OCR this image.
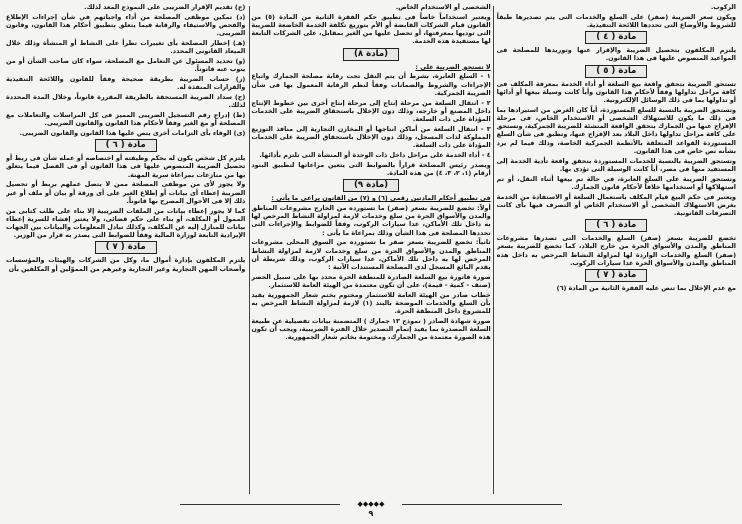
الركوب.

ويكون سعر الضريبة (صفر) على السلع والخدمات التى يتم تصديرها طبقاً للشروط والأوضاع التى تحددها اللائحة التنفيذية.

مادة ( ٤ )

يلتزم المكلفون بتحصيل الضريبة والإقرار عنها وتوريدها للمصلحة فى المواعيد المنصوص عليها فى هذا القانون.

مادة ( ٥ )

تستحق الضريبة بتحقق واقعة بيع السلعة أو أداء الخدمة بمعرفة المكلف فى كافة مراحل تداولها وفقاً لأحكام هذا القانون وأياً كانت وسيلة بيعها أو أدائها أو تداولها بما فى ذلك الوسائل الإلكترونية.

وتستحق الضريبة بالنسبة للسلع المستوردة، أياً كان الغرض من استيرادها بما فى ذلك ما يكون للاستهلاك الشخصى أو الاستخدام الخاص، فى مرحلة الإفراج عنها من الجمارك بتحقق الواقعة المنشئة للضريبة الجمركية، وتستحق على كافة مراحل تداولها داخل البلاد بعد الإفراج عنها، وتطبق فى شأن السلع المستوردة القواعد المتعلقة بالأنظمة الجمركية الخاصة، وذلك فيما لم يرد بشأنه نص خاص فى هذا القانون.

وتستحق الضريبة بالنسبة للخدمات المستوردة بتحقق واقعة تأدية الخدمة إلى المستفيد منها فى مصر، أياً كانت الوسيلة التى تؤدى بها.

وتستحق الضريبة على السلع العابرة، في حالة تم بيعها أثناء النقل، أو تم استهلاكها أو استخدامها خلافاً لأحكام قانون الجمارك.

ويعتبر فى حكم البيع قيام المكلف باستعمال السلعة أو الاستفادة من الخدمة بغرض الاستهلاك الشخصى أو الاستخدام الخاص أو التصرف فيها بأى كانت التصرفات القانونية.

مادة ( ٦ )

تخضع للضريبة بسعر (صفر) السلع والخدمات التى تصدرها مشروعات المناطق والمدن والأسواق الحرة من خارج البلاد، كما تخضع للضريبة بسعر (صفر) السلع والخدمات الواردة لها لمزاولة النشاط المرخص به داخل هذه المناطق والمدن والأسواق الحرة عدا سيارات الركوب.

مادة ( ٧ )

مع عدم الإخلال بما تنص عليه الفقرة الثانية من المادة (٦)

الشخصى أو الاستخدام الخاص.

ويعتبر استخداماً خاصاً فى تطبيق حكم الفقرة الثانية من المادة (٥) من القانون قيام الشركات القابضة أو الأم بتوزيع تكلفة الخدمة الخاضعة للضريبة التى توديها بمعرفتها، أو تحصل عليها من الغير بمقابل، على الشركات التابعة لها مستفيدة هذه الخدمة.

(مادة ٨)

لا تستحق الضريبة على :

١ - السلع العابرة، بشرط أن يتم النقل تحت رقابة مصلحة الجمارك واتباع الإجراءات والشروط والضمانات وفقاً لنظم الرقابة المعمول بها فى شأن الضريبة الجمركية.

٢ - انتقال السلعة من مرحلة إنتاج إلى مرحلة إنتاج أخرى بين خطوط الإنتاج داخل المصنع أو خارجه، وذلك دون الإخلال باستحقاق الضريبة على الخدمات المؤداة على ذات السلعة.

٣ - انتقال السلعة من أماكن انتاجها أو المخازن التجارية إلى منافذ التوزيع المملوكة لذات المسجل، وذلك دون الإخلال باستحقاق الضريبة على الخدمات المؤداة على ذات السلعة.

٤ - أداء الخدمة على مراحل داخل ذات الوحدة أو المنشأة التى تلتزم بأدائها.

ويصدر رئيس المصلحة قراراً بالضوابط التى يتعين مراعاتها لتطبيق البنود أرقام (١، ٢، ٣، ٤) من هذه المادة.

(مادة ٩)

فى تطبيق أحكام المادتين رقمى (٦) و (٧) من القانون يراعى ما يأتى :

أولاً: تخضع للضريبة بسعر (صفر) ما تستورده من الخارج مشروعات المناطق والمدن والأسواق الحرة من سلع وخدمات لازمة لمزاولة النشاط المرخص لها به داخل تلك الأماكن، عدا سيارات الركوب، وفقاً للضوابط والإجراءات التى تحددها المصلحة فى هذا الشأن وذلك بمراعاة ما يأتى :

ثانياً: تخضع للضريبة بسعر صفر ما تستورده من السوق المحلى مشروعات المناطق والمدن والأسواق الحرة من سلع وخدمات لازمة لمزاولة النشاط المرخص لها به داخل تلك الأماكن، عدا سيارات الركوب، وذلك شريطة أن يقدم البائع المسجل لدى المصلحة المستندات الآتية :

صورة فاتورة بيع السلعة الصادرة للمنطقة الحرة محدد بها على سبيل الحصر (صنف - كمية - قيمة)، على أن تكون معتمدة من الهيئة العامة للاستثمار.

خطاب صادر من الهيئة العامة للاستثمار ومختوم بختم شعار الجمهورية يفيد بأن السلع والخدمات الموضحة بالبند (١) لازمة لمزاولة النشاط المرخص به للمشروع داخل المنطقة الحرة.

صورة شهادة الصادر ( نموذج ١٣ جمارك ) المتضمنة بيانات تفصيلية عن طبيعة السلعة المصدرة بما يفيد إتمام التصدير خلال الفترة الضريبية، ويجب أن تكون هذه الصورة معتمدة من الجمارك، ومختومة بخاتم شعار الجمهورية.

(ج) تقديم الإقرار الضريبى على النموذج المعد لذلك.

(د) تمكين موظفى المصلحة من أداء واجباتهم في شأن إجراءات الإطلاع والفحص والاستيفاء والرقابة فيما يتعلق بتطبيق أحكام هذا القانون، وقانون الضريبى.

(هـ) إخطار المصلحة بأى تغييرات تطرأ على النشاط أو المنشأة وذلك خلال الميعاد القانونى المحدد.

(و) تحديد المسئول عن التعامل مع المصلحة، سواء كان صاحب الشأن أو من ينوب عنه قانوناً.

(ز) حساب الضريبة بطريقة صحيحة وفقاً للقانون واللائحة التنفيذية والقرارات المنفذة له.

(ح) سداد الضريبة المستحقة بالطريقة المقررة قانوناً، وخلال المدة المحددة لذلك.

(ط) إدراج رقم التسجيل الضريبى المميز فى كل المراسلات والتعاملات مع المصلحة أو مع الغير وفقاً لأحكام هذا القانون والقانون الضريبى.

(ى) الوفاء بأى التزامات أخرى ينص عليها هذا القانون والقانون الضريبى.

مادة ( ٦ )

يلتزم كل شخص يكون له بحكم وظيفته أو اختصاصه أو عمله شأن فى ربط أو تحصيل الضريبة المنصوص عليها فى هذا القانون أو فى الفصل فيما يتعلق بها من منازعات بمراعاة سرية المهنة.

ولا يجوز لأى من موظفى المصلحة ممن لا يتصل عملهم بربط أو تحصيل الضريبة إعطاء أى بيانات أو إطلاع الغير على أى ورقة أو بيان أو ملف أو غير ذلك إلا فى الأحوال المصرح بها قانوناً.

كما لا يجوز إعطاء بيانات من الملفات الضريبية إلا بناء على طلب كتابى من الممول أو المكلف، أو بناء على حكم قضائى، ولا يعتبر إفشاء للسرية إعطاء بيانات للمنازل إليه عن المكلف، وكذلك تبادل المعلومات والبيانات بين الجهات الإيرادية التابعة لوزارة المالية وفقاً للضوابط التى يصدر به قرار من الوزير.

مادة ( ٧ )

يلتزم المكلفون بإدارة أموال ما، وكل من الشركات والهيئات والمؤسسات وأصحاب المهن التجارية وغير التجارية وغيرهم من المموّلين أو المكلفين بأن

◆◆◆◆◆
٩
